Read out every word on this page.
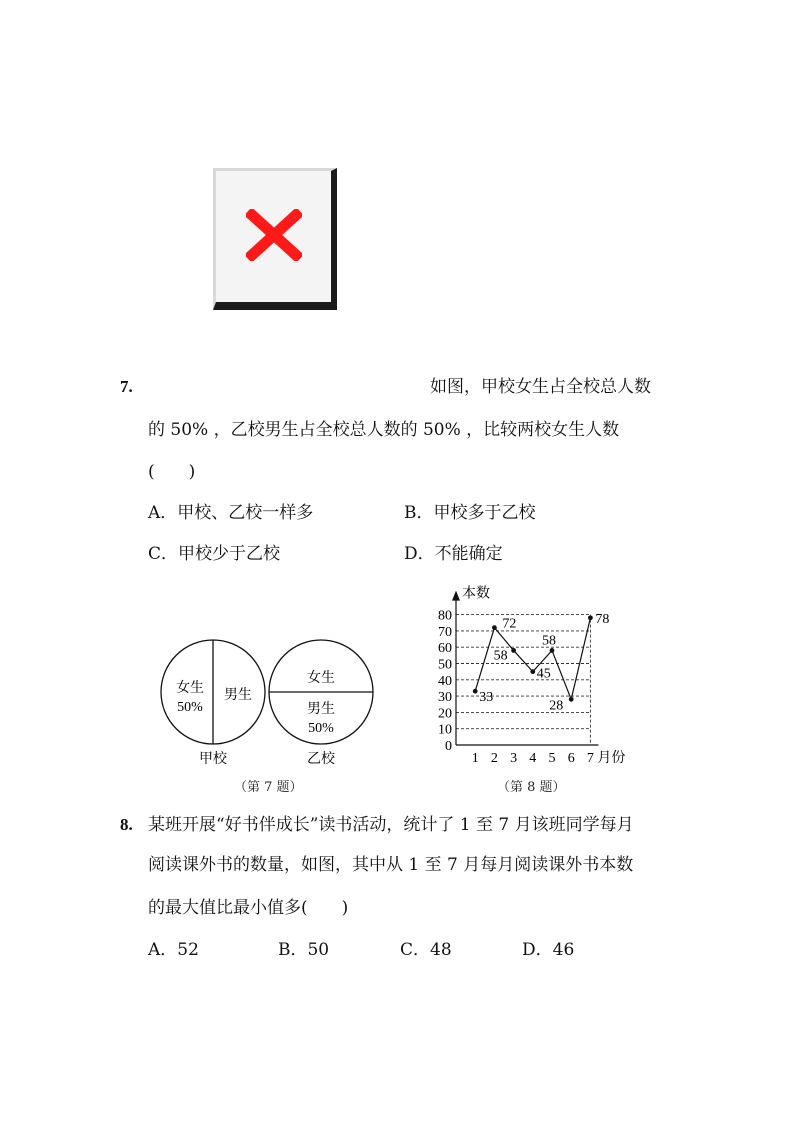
7.	如图，甲校女生占全校总人数
的 50% ，乙校男生占全校总人数的 50% ，比较两校女生人数
(　　)
A．甲校、乙校一样多	B．甲校多于乙校
C．甲校少于乙校	D．不能确定
女生
50%
男生
甲校
女生
男生
50%
乙校
（第 7 题）
0
10
20
30
40
50
60
70
80
1 2 3 4 5 6 7
本数
月份
33
72
58
45
58
28
78
（第 8 题）
8. 某班开展“好书伴成长”读书活动，统计了 1 至 7 月该班同学每月
阅读课外书的数量，如图，其中从 1 至 7 月每月阅读课外书本数
的最大值比最小值多(　　)
A．52	B．50	C．48	D．46
